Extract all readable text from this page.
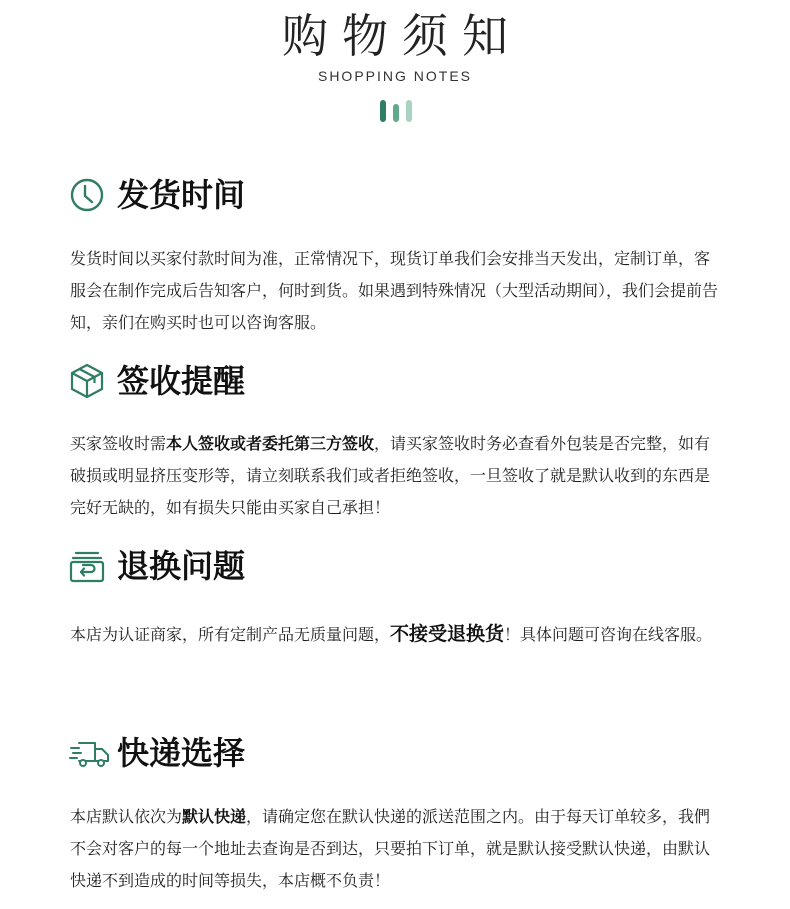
购物须知
SHOPPING NOTES
发货时间
发货时间以买家付款时间为准，正常情况下，现货订单我们会安排当天发出，定制订单，客服会在制作完成后告知客户，何时到货。如果遇到特殊情况（大型活动期间），我们会提前告知，亲们在购买时也可以咨询客服。
签收提醒
买家签收时需本人签收或者委托第三方签收，请买家签收时务必查看外包装是否完整，如有破损或明显挤压变形等，请立刻联系我们或者拒绝签收，一旦签收了就是默认收到的东西是完好无缺的，如有损失只能由买家自己承担！
退换问题
本店为认证商家，所有定制产品无质量问题，不接受退换货！具体问题可咨询在线客服。
快递选择
本店默认依次为默认快递，请确定您在默认快递的派送范围之内。由于每天订单较多，我們不会对客户的每一个地址去查询是否到达，只要拍下订单，就是默认接受默认快递，由默认快递不到造成的时间等损失，本店概不负责！
